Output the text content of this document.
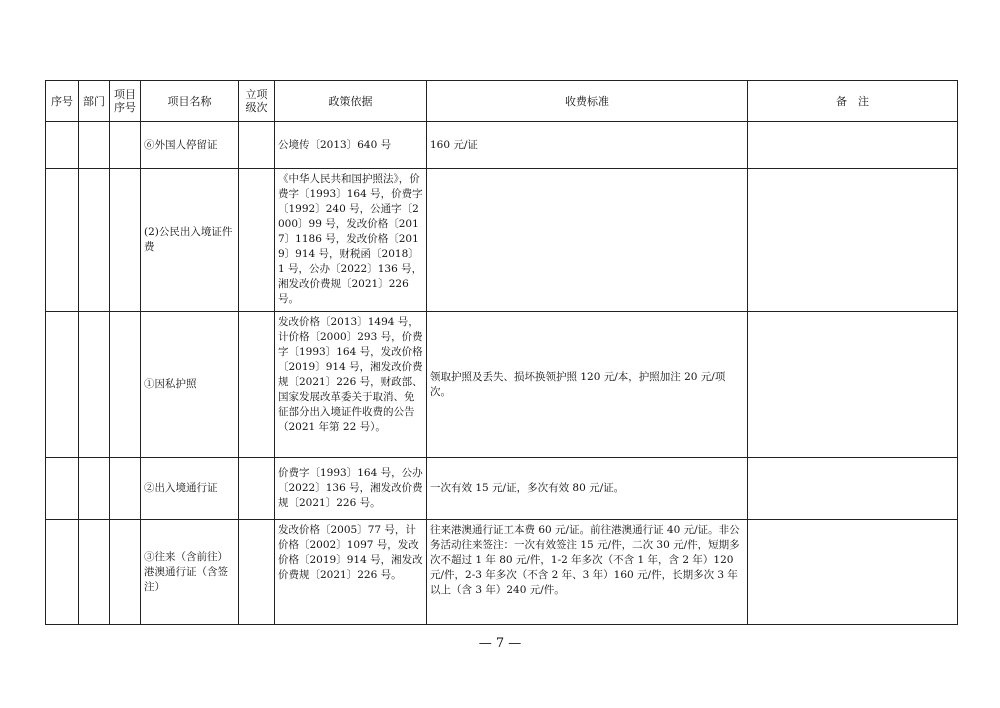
序号	部门	项目序号	项目名称	立项级次	政策依据	收费标准	备　注
			⑥外国人停留证		公境传〔2013〕640 号	160 元/证	
			(2)公民出入境证件费		《中华人民共和国护照法》，价费字〔1993〕164 号，价费字〔1992〕240 号，公通字〔2000〕99 号，发改价格〔2017〕1186 号，发改价格〔2019〕914 号，财税函〔2018〕1 号，公办〔2022〕136 号，湘发改价费规〔2021〕226 号。		
			①因私护照		发改价格〔2013〕1494 号，计价格〔2000〕293 号，价费字〔1993〕164 号，发改价格〔2019〕914 号，湘发改价费规〔2021〕226 号，财政部、国家发展改革委关于取消、免征部分出入境证件收费的公告（2021 年第 22 号）。	领取护照及丢失、损坏换领护照 120 元/本，护照加注 20 元/项次。	
			②出入境通行证		价费字〔1993〕164 号，公办〔2022〕136 号，湘发改价费规〔2021〕226 号。	一次有效 15 元/证，多次有效 80 元/证。	
			③往来（含前往）港澳通行证（含签注）		发改价格〔2005〕77 号，计价格〔2002〕1097 号，发改价格〔2019〕914 号，湘发改价费规〔2021〕226 号。	往来港澳通行证工本费 60 元/证。前往港澳通行证 40 元/证。非公务活动往来签注：一次有效签注 15 元/件，二次 30 元/件，短期多次不超过 1 年 80 元/件，1-2 年多次（不含 1 年，含 2 年）120 元/件，2-3 年多次（不含 2 年、3 年）160 元/件，长期多次 3 年以上（含 3 年）240 元/件。	
— 7 —
